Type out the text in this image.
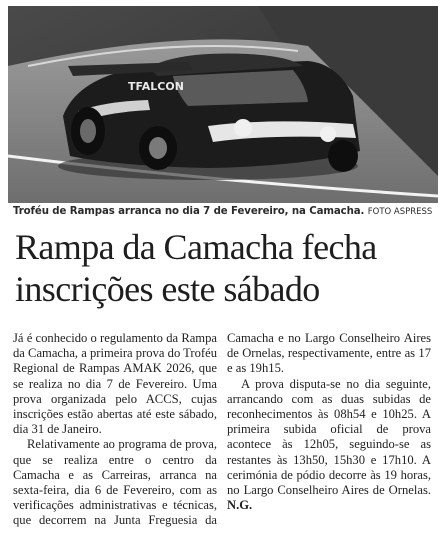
TFALCON
TFALCON
Troféu de Rampas arranca no dia 7 de Fevereiro, na Camacha. FOTO ASPRESS
Rampa da Camacha fecha
inscrições este sábado

Já é conhecido o regulamento da Rampa da Camacha, a primeira prova do Troféu Regional de Rampas AMAK 2026, que se realiza no dia 7 de Fevereiro. Uma prova organizada pelo ACCS, cujas inscrições estão abertas até este sábado, dia 31 de Janeiro.

Relativamente ao programa de prova, que se realiza entre o centro da Camacha e as Carreiras, arranca na sexta-feira, dia 6 de Fevereiro, com as verificações administrativas e técnicas, que decorrem na Junta Freguesia da Camacha e no Largo Conselheiro Aires de Ornelas, respectivamente, entre as 17 e as 19h15.

A prova disputa-se no dia seguinte, arrancando com as duas subidas de reconhecimentos às 08h54 e 10h25. A primeira subida oficial de prova acontece às 12h05, seguindo-se as restantes às 13h50, 15h30 e 17h10. A cerimónia de pódio decorre às 19 horas, no Largo Conselheiro Aires de Ornelas. N.G.
